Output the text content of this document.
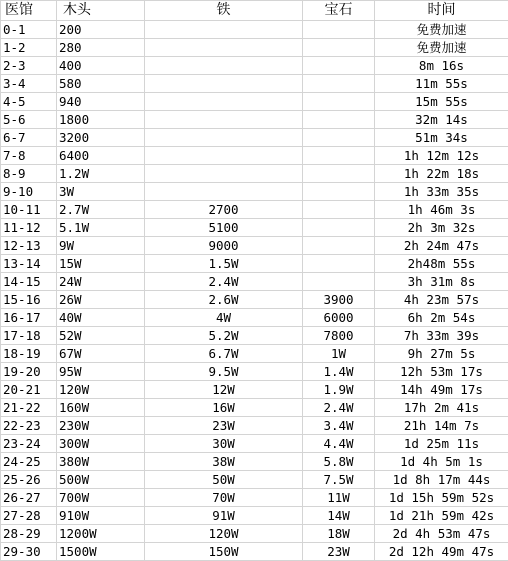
医馆	木头	铁	宝石	时间
0-1	200			免费加速
1-2	280			免费加速
2-3	400			8m 16s
3-4	580			11m 55s
4-5	940			15m 55s
5-6	1800			32m 14s
6-7	3200			51m 34s
7-8	6400			1h 12m 12s
8-9	1.2W			1h 22m 18s
9-10	3W			1h 33m 35s
10-11	2.7W	2700		1h 46m 3s
11-12	5.1W	5100		2h 3m 32s
12-13	9W	9000		2h 24m 47s
13-14	15W	1.5W		2h48m 55s
14-15	24W	2.4W		3h 31m 8s
15-16	26W	2.6W	3900	4h 23m 57s
16-17	40W	4W	6000	6h 2m 54s
17-18	52W	5.2W	7800	7h 33m 39s
18-19	67W	6.7W	1W	9h 27m 5s
19-20	95W	9.5W	1.4W	12h 53m 17s
20-21	120W	12W	1.9W	14h 49m 17s
21-22	160W	16W	2.4W	17h 2m 41s
22-23	230W	23W	3.4W	21h 14m 7s
23-24	300W	30W	4.4W	1d 25m 11s
24-25	380W	38W	5.8W	1d 4h 5m 1s
25-26	500W	50W	7.5W	1d 8h 17m 44s
26-27	700W	70W	11W	1d 15h 59m 52s
27-28	910W	91W	14W	1d 21h 59m 42s
28-29	1200W	120W	18W	2d 4h 53m 47s
29-30	1500W	150W	23W	2d 12h 49m 47s
